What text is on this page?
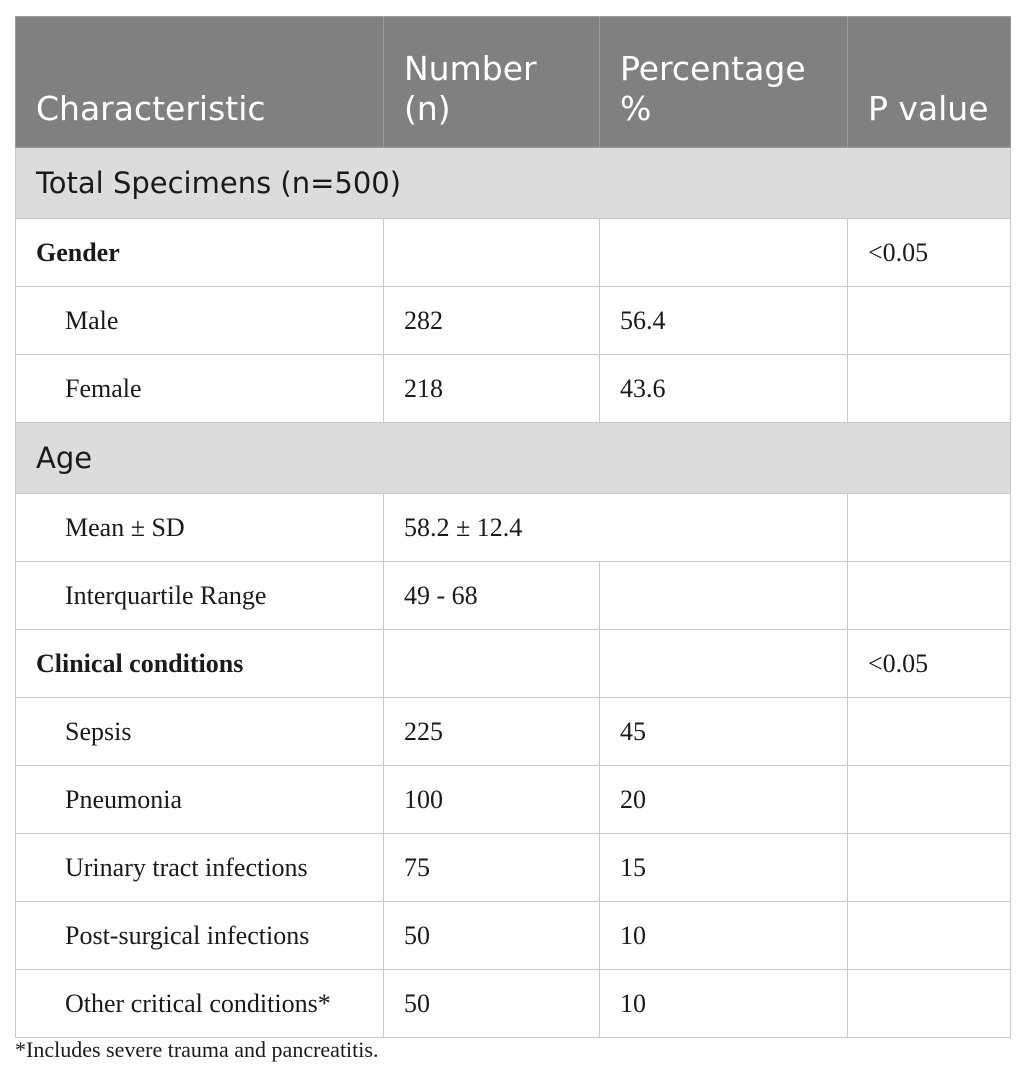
Characteristic	Number (n)	Percentage %	P value
Total Specimens (n=500)			
Gender			<0.05
Male	282	56.4	
Female	218	43.6	
Age			
Mean ± SD	58.2 ± 12.4		
Interquartile Range	49 - 68		
Clinical conditions			<0.05
Sepsis	225	45	
Pneumonia	100	20	
Urinary tract infections	75	15	
Post-surgical infections	50	10	
Other critical conditions*	50	10	
*Includes severe trauma and pancreatitis.
